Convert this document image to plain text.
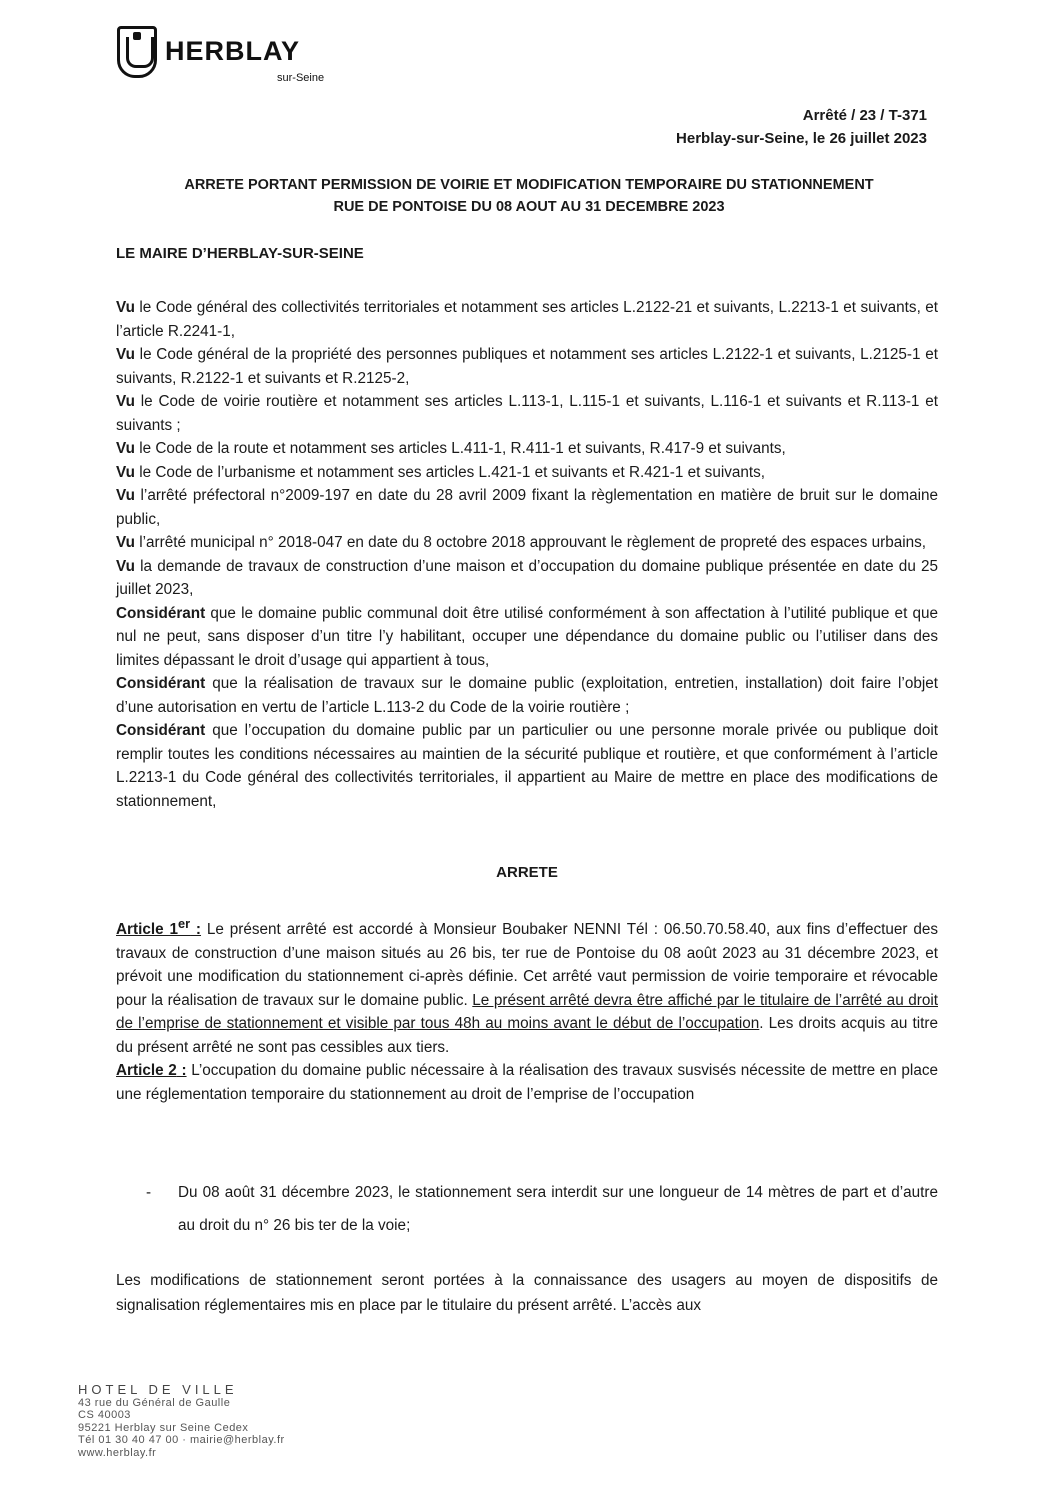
HERBLAY
sur-Seine
Arrêté / 23 / T-371
Herblay-sur-Seine, le 26 juillet 2023
ARRETE PORTANT PERMISSION DE VOIRIE ET MODIFICATION TEMPORAIRE DU STATIONNEMENT
RUE DE PONTOISE DU 08 AOUT AU 31 DECEMBRE 2023
LE MAIRE D’HERBLAY-SUR-SEINE

Vu le Code général des collectivités territoriales et notamment ses articles L.2122-21 et suivants, L.2213-1 et suivants, et l’article R.2241-1,

Vu le Code général de la propriété des personnes publiques et notamment ses articles L.2122-1 et suivants, L.2125-1 et suivants, R.2122-1 et suivants et R.2125-2,

Vu le Code de voirie routière et notamment ses articles L.113-1, L.115-1 et suivants, L.116-1 et suivants et R.113-1 et suivants ;

Vu le Code de la route et notamment ses articles L.411-1, R.411-1 et suivants, R.417-9 et suivants,

Vu le Code de l’urbanisme et notamment ses articles L.421-1 et suivants et R.421-1 et suivants,

Vu l’arrêté préfectoral n°2009-197 en date du 28 avril 2009 fixant la règlementation en matière de bruit sur le domaine public,

Vu l’arrêté municipal n° 2018-047 en date du 8 octobre 2018 approuvant le règlement de propreté des espaces urbains,

Vu la demande de travaux de construction d’une maison et d’occupation du domaine publique présentée en date du 25 juillet 2023,

Considérant que le domaine public communal doit être utilisé conformément à son affectation à l’utilité publique et que nul ne peut, sans disposer d’un titre l’y habilitant, occuper une dépendance du domaine public ou l’utiliser dans des limites dépassant le droit d’usage qui appartient à tous,

Considérant que la réalisation de travaux sur le domaine public (exploitation, entretien, installation) doit faire l’objet d’une autorisation en vertu de l’article L.113-2 du Code de la voirie routière ;

Considérant que l’occupation du domaine public par un particulier ou une personne morale privée ou publique doit remplir toutes les conditions nécessaires au maintien de la sécurité publique et routière, et que conformément à l’article L.2213-1 du Code général des collectivités territoriales, il appartient au Maire de mettre en place des modifications de stationnement,

ARRETE

Article 1er : Le présent arrêté est accordé à Monsieur Boubaker NENNI Tél : 06.50.70.58.40, aux fins d’effectuer des travaux de construction d’une maison situés au 26 bis, ter rue de Pontoise du 08 août 2023 au 31 décembre 2023, et prévoit une modification du stationnement ci-après définie. Cet arrêté vaut permission de voirie temporaire et révocable pour la réalisation de travaux sur le domaine public. Le présent arrêté devra être affiché par le titulaire de l’arrêté au droit de l’emprise de stationnement et visible par tous 48h au moins avant le début de l’occupation. Les droits acquis au titre du présent arrêté ne sont pas cessibles aux tiers.

Article 2 : L’occupation du domaine public nécessaire à la réalisation des travaux susvisés nécessite de mettre en place une réglementation temporaire du stationnement au droit de l’emprise de l’occupation

- Du 08 août 31 décembre 2023, le stationnement sera interdit sur une longueur de 14 mètres de part et d’autre au droit du n° 26 bis ter de la voie;
Les modifications de stationnement seront portées à la connaissance des usagers au moyen de dispositifs de signalisation réglementaires mis en place par le titulaire du présent arrêté. L’accès aux
HOTEL DE VILLE
43 rue du Général de Gaulle
CS 40003
95221 Herblay sur Seine Cedex
Tél 01 30 40 47 00 · mairie@herblay.fr
www.herblay.fr
